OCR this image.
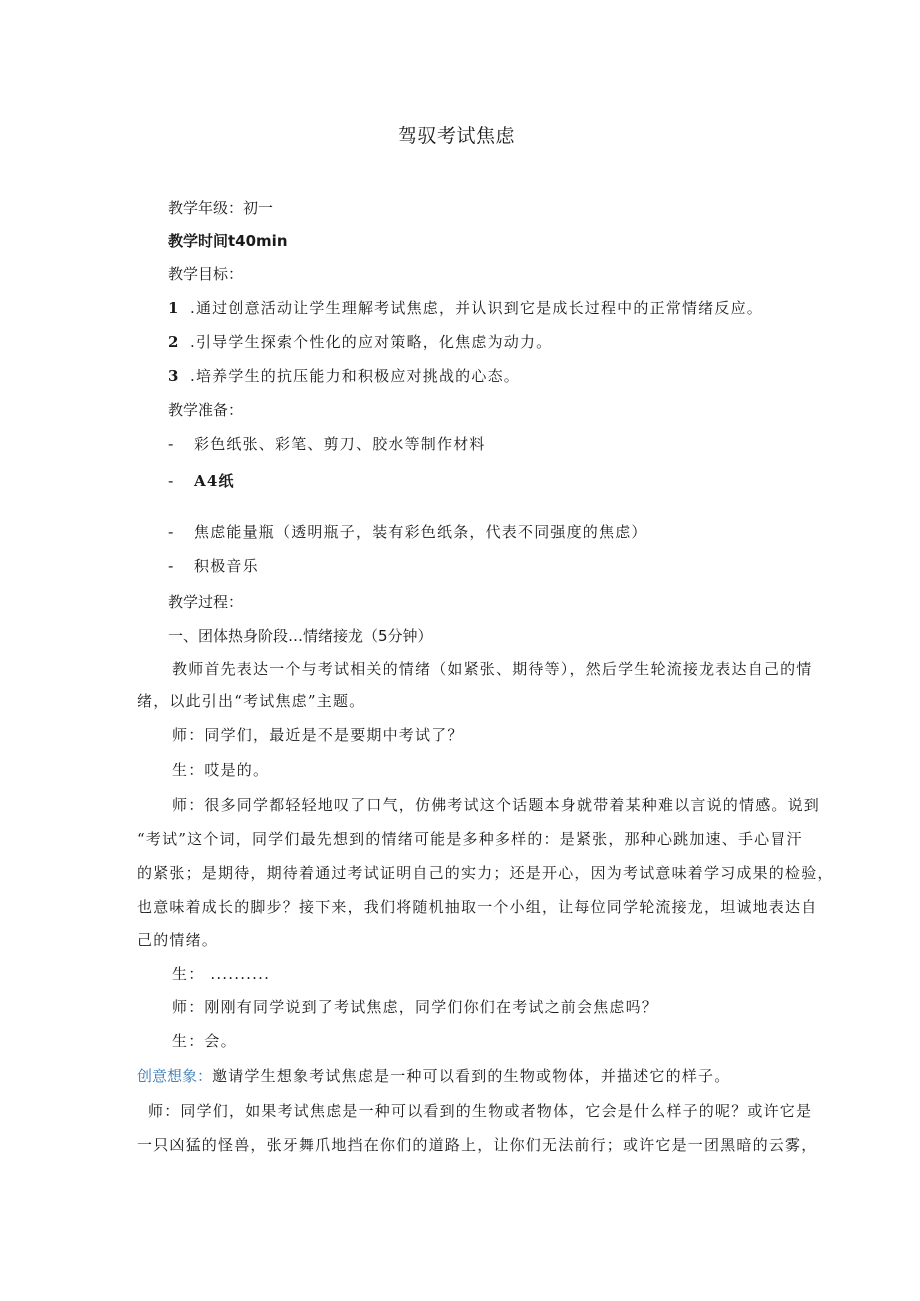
驾驭考试焦虑
教学年级：初一
教学时间t40min
教学目标：
1 .通过创意活动让学生理解考试焦虑，并认识到它是成长过程中的正常情绪反应。
2 .引导学生探索个性化的应对策略，化焦虑为动力。
3 .培养学生的抗压能力和积极应对挑战的心态。
教学准备：
- 彩色纸张、彩笔、剪刀、胶水等制作材料
- A4纸
- 焦虑能量瓶（透明瓶子，装有彩色纸条，代表不同强度的焦虑）
- 积极音乐
教学过程：
一、团体热身阶段…情绪接龙（5分钟）
教师首先表达一个与考试相关的情绪（如紧张、期待等），然后学生轮流接龙表达自己的情
绪，以此引出“考试焦虑”主题。
师：同学们，最近是不是要期中考试了？
生：哎是的。
师：很多同学都轻轻地叹了口气，仿佛考试这个话题本身就带着某种难以言说的情感。说到
“考试”这个词，同学们最先想到的情绪可能是多种多样的：是紧张，那种心跳加速、手心冒汗
的紧张；是期待，期待着通过考试证明自己的实力；还是开心，因为考试意味着学习成果的检验，
也意味着成长的脚步？接下来，我们将随机抽取一个小组，让每位同学轮流接龙，坦诚地表达自
己的情绪。
生： ..........
师：刚刚有同学说到了考试焦虑，同学们你们在考试之前会焦虑吗？
生：会。
创意想象：邀请学生想象考试焦虑是一种可以看到的生物或物体，并描述它的样子。
师：同学们，如果考试焦虑是一种可以看到的生物或者物体，它会是什么样子的呢？或许它是
一只凶猛的怪兽，张牙舞爪地挡在你们的道路上，让你们无法前行；或许它是一团黑暗的云雾，
